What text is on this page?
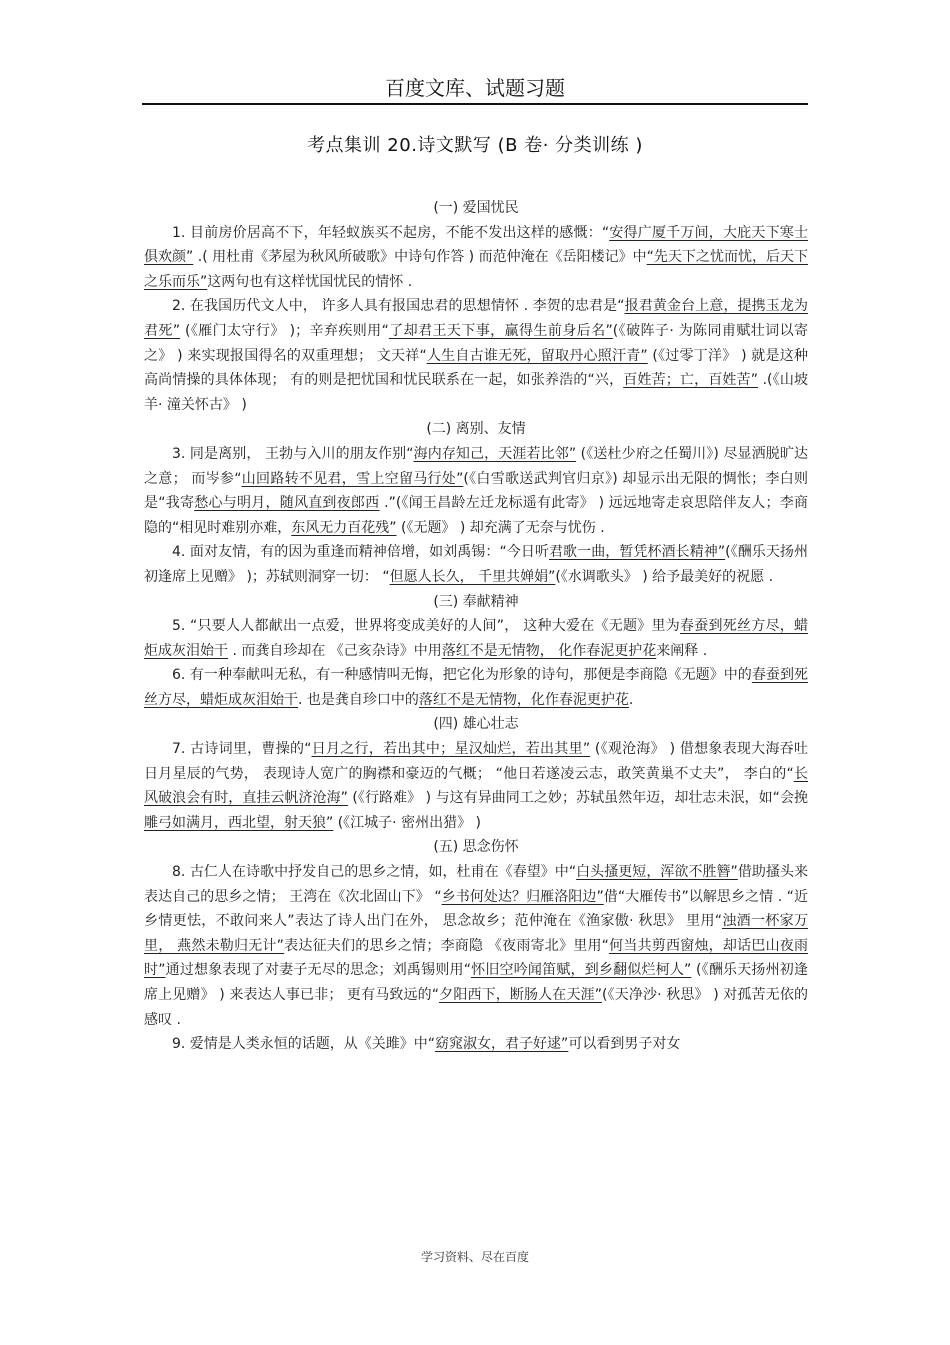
百度文库、试题习题
考点集训 20.诗文默写 (B 卷· 分类训练 )

(一) 爱国忧民

1. 目前房价居高不下，年轻蚁族买不起房，不能不发出这样的感慨：“安得广厦千万间，大庇天下寒士俱欢颜” .( 用杜甫《茅屋为秋风所破歌》中诗句作答 ) 而范仲淹在《岳阳楼记》中“先天下之忧而忧，后天下之乐而乐”这两句也有这样忧国忧民的情怀 .

2. 在我国历代文人中， 许多人具有报国忠君的思想情怀 . 李贺的忠君是“报君黄金台上意，提携玉龙为君死” (《雁门太守行》 )；辛弃疾则用“了却君王天下事，赢得生前身后名”(《破阵子· 为陈同甫赋壮词以寄之》 ) 来实现报国得名的双重理想； 文天祥“人生自古谁无死，留取丹心照汗青” (《过零丁洋》 ) 就是这种高尚情操的具体体现； 有的则是把忧国和忧民联系在一起，如张养浩的“兴，百姓苦；亡，百姓苦” .(《山坡羊· 潼关怀古》 )

(二) 离别、友情

3. 同是离别， 王勃与入川的朋友作别“海内存知己，天涯若比邻” (《送杜少府之任蜀川》) 尽显洒脱旷达之意； 而岑参“山回路转不见君，雪上空留马行处”(《白雪歌送武判官归京》) 却显示出无限的惆怅；李白则是“我寄愁心与明月，随风直到夜郎西 .”(《闻王昌龄左迁龙标遥有此寄》 ) 远远地寄走哀思陪伴友人；李商隐的“相见时难别亦难，东风无力百花残” (《无题》 ) 却充满了无奈与忧伤 .

4. 面对友情，有的因为重逢而精神倍增，如刘禹锡：“今日听君歌一曲，暂凭杯酒长精神”(《酬乐天扬州初逢席上见赠》 )；苏轼则洞穿一切： “但愿人长久， 千里共婵娟”(《水调歌头》 ) 给予最美好的祝愿 .

(三) 奉献精神

5. “只要人人都献出一点爱，世界将变成美好的人间”， 这种大爱在《无题》里为春蚕到死丝方尽，蜡炬成灰泪始干 . 而龚自珍却在 《己亥杂诗》中用落红不是无情物， 化作春泥更护花来阐释 .

6. 有一种奉献叫无私，有一种感情叫无悔，把它化为形象的诗句，那便是李商隐《无题》中的春蚕到死丝方尽，蜡炬成灰泪始干. 也是龚自珍口中的落红不是无情物，化作春泥更护花.

(四) 雄心壮志

7. 古诗词里，曹操的“日月之行，若出其中；星汉灿烂，若出其里” (《观沧海》 ) 借想象表现大海吞吐日月星辰的气势， 表现诗人宽广的胸襟和豪迈的气概； “他日若遂凌云志，敢笑黄巢不丈夫”， 李白的“长风破浪会有时，直挂云帆济沧海” (《行路难》 ) 与这有异曲同工之妙；苏轼虽然年迈，却壮志未泯，如“会挽雕弓如满月，西北望，射天狼” (《江城子· 密州出猎》 )

(五) 思念伤怀

8. 古仁人在诗歌中抒发自己的思乡之情，如，杜甫在《春望》中“白头搔更短，浑欲不胜簪”借助搔头来表达自己的思乡之情； 王湾在《次北固山下》 “乡书何处达？归雁洛阳边”借“大雁传书”以解思乡之情 . “近乡情更怯，不敢问来人”表达了诗人出门在外， 思念故乡；范仲淹在《渔家傲· 秋思》 里用“浊酒一杯家万里， 燕然未勒归无计”表达征夫们的思乡之情；李商隐 《夜雨寄北》里用“何当共剪西窗烛，却话巴山夜雨时”通过想象表现了对妻子无尽的思念；刘禹锡则用“怀旧空吟闻笛赋，到乡翻似烂柯人” (《酬乐天扬州初逢席上见赠》 ) 来表达人事已非； 更有马致远的“夕阳西下，断肠人在天涯”(《天净沙· 秋思》 ) 对孤苦无依的感叹 .

9. 爱情是人类永恒的话题，从《关雎》中“窈窕淑女，君子好逑”可以看到男子对女

学习资料、尽在百度
